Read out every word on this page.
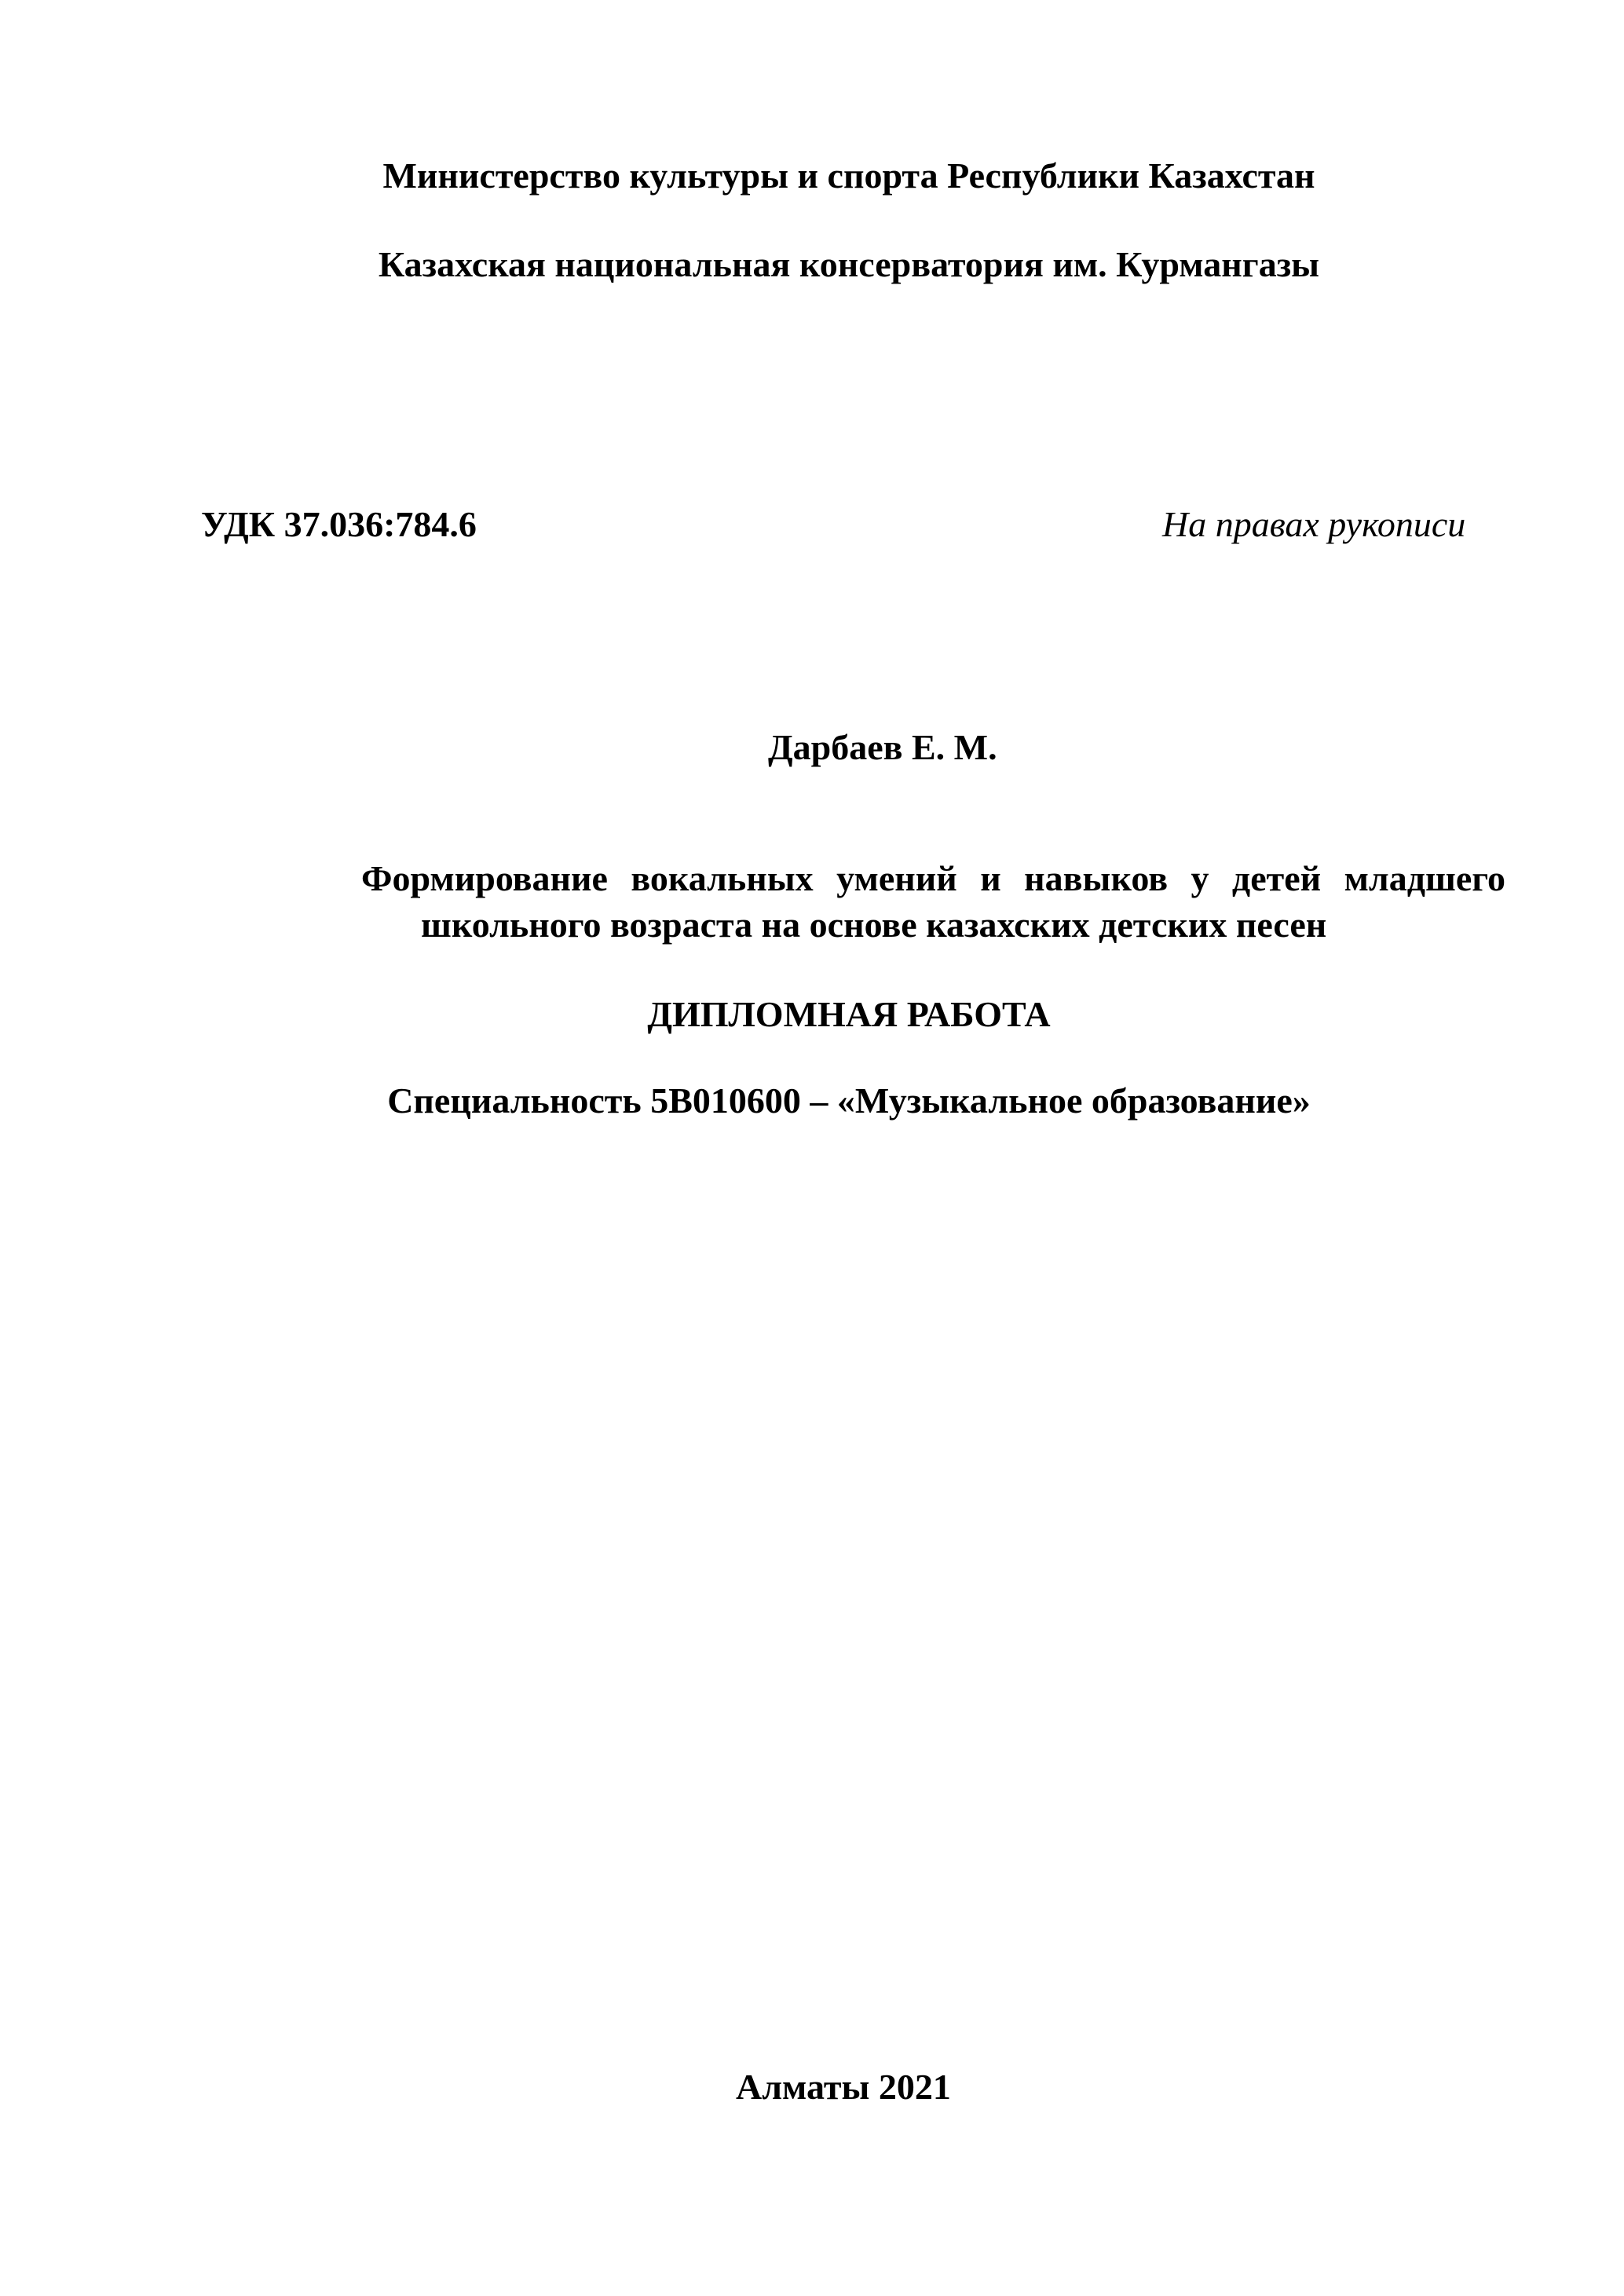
Министерство культуры и спорта Республики Казахстан
Казахская национальная консерватория им. Курмангазы
УДК 37.036:784.6	На правах рукописи
Дарбаев Е. М.
Формирование вокальных умений и навыков у детей младшего
школьного возраста на основе казахских детских песен
ДИПЛОМНАЯ РАБОТА
Специальность 5В010600 – «Музыкальное образование»
Алматы 2021
